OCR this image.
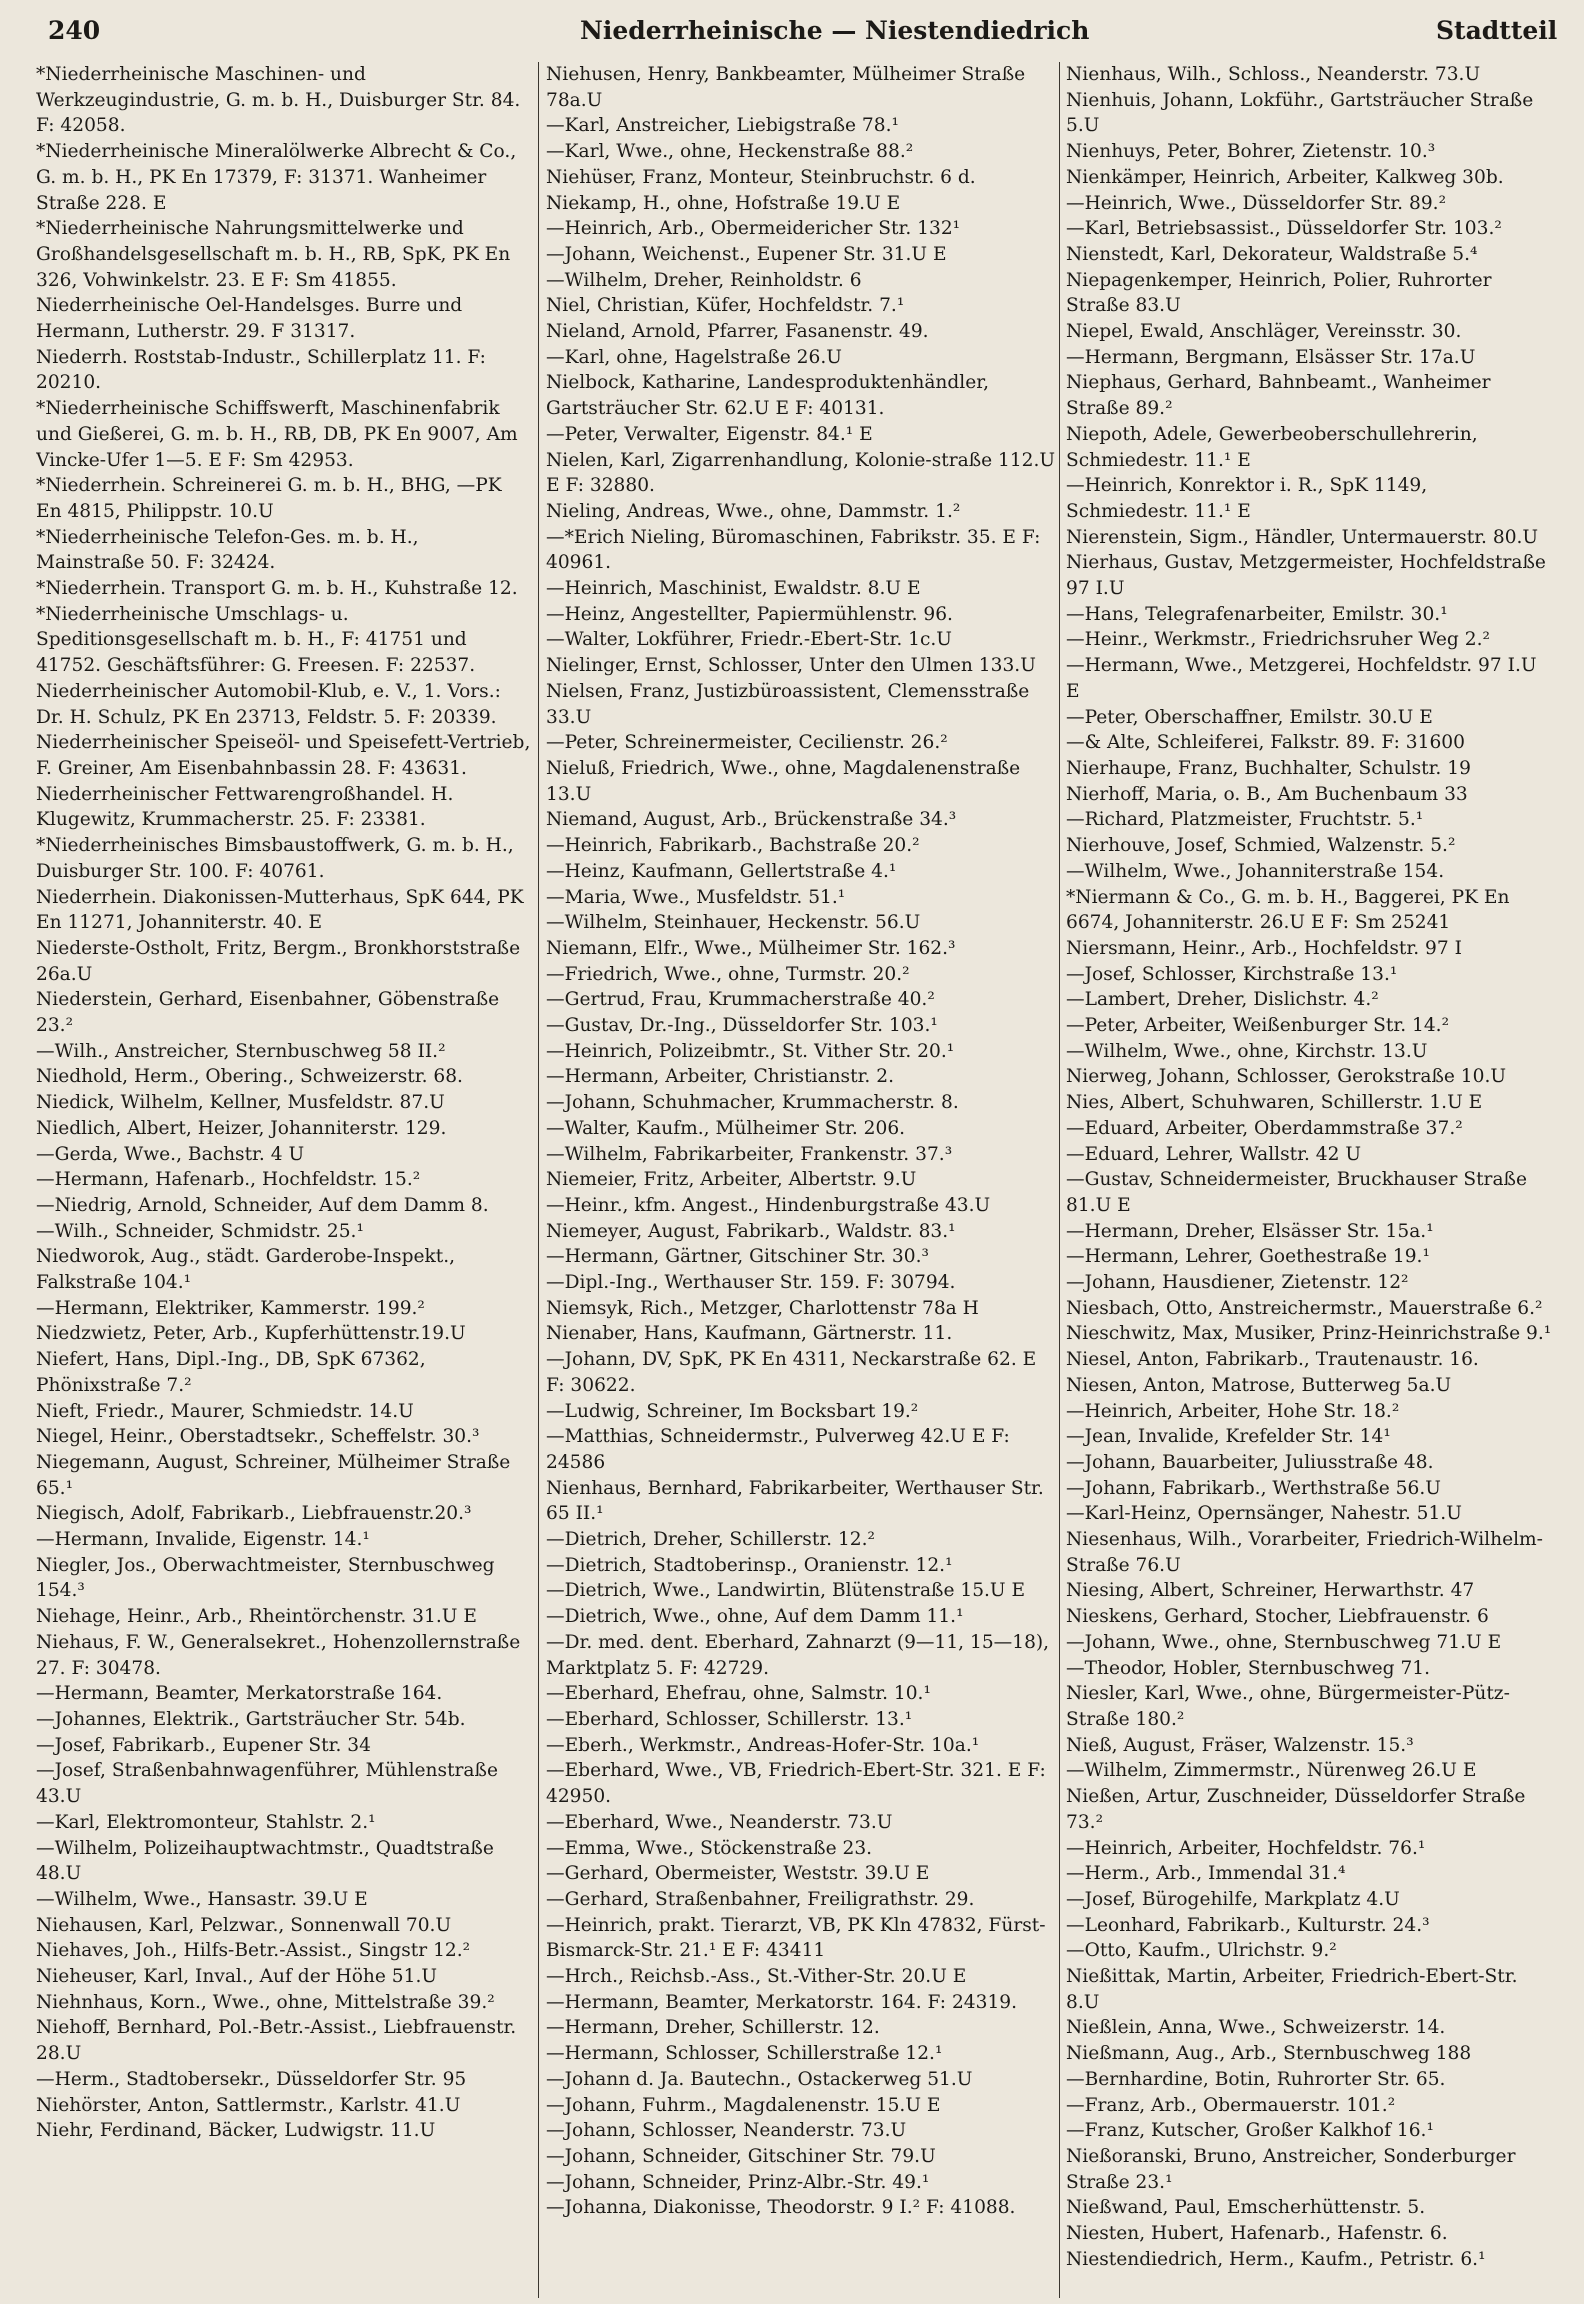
240	Niederrheinische — Niestendiedrich	Stadtteil

*Niederrheinische Maschinen- und Werkzeugindustrie, G. m. b. H., Duisburger Str. 84. F: 42058.

*Niederrheinische Mineralölwerke Albrecht & Co., G. m. b. H., PK En 17379, F: 31371. Wanheimer Straße 228. E

*Niederrheinische Nahrungsmittelwerke und Großhandelsgesellschaft m. b. H., RB, SpK, PK En 326, Vohwinkelstr. 23. E F: Sm 41855.

Niederrheinische Oel-Handelsges. Burre und Hermann, Lutherstr. 29. F 31317.

Niederrh. Roststab-Industr., Schillerplatz 11. F: 20210.

*Niederrheinische Schiffswerft, Maschinenfabrik und Gießerei, G. m. b. H., RB, DB, PK En 9007, Am Vincke-Ufer 1—5. E F: Sm 42953.

*Niederrhein. Schreinerei G. m. b. H., BHG, —PK En 4815, Philippstr. 10.U

*Niederrheinische Telefon-Ges. m. b. H., Mainstraße 50. F: 32424.

*Niederrhein. Transport G. m. b. H., Kuhstraße 12.

*Niederrheinische Umschlags- u. Speditionsgesellschaft m. b. H., F: 41751 und 41752. Geschäftsführer: G. Freesen. F: 22537.

Niederrheinischer Automobil-Klub, e. V., 1. Vors.: Dr. H. Schulz, PK En 23713, Feldstr. 5. F: 20339.

Niederrheinischer Speiseöl- und Speisefett-Vertrieb, F. Greiner, Am Eisenbahnbassin 28. F: 43631.

Niederrheinischer Fettwarengroßhandel. H. Klugewitz, Krummacherstr. 25. F: 23381.

*Niederrheinisches Bimsbaustoffwerk, G. m. b. H., Duisburger Str. 100. F: 40761.

Niederrhein. Diakonissen-Mutterhaus, SpK 644, PK En 11271, Johanniterstr. 40. E

Niederste-Ostholt, Fritz, Bergm., Bronkhorststraße 26a.U

Niederstein, Gerhard, Eisenbahner, Göbenstraße 23.²

—Wilh., Anstreicher, Sternbuschweg 58 II.²

Niedhold, Herm., Obering., Schweizerstr. 68.

Niedick, Wilhelm, Kellner, Musfeldstr. 87.U

Niedlich, Albert, Heizer, Johanniterstr. 129.

—Gerda, Wwe., Bachstr. 4 U

—Hermann, Hafenarb., Hochfeldstr. 15.²

—Niedrig, Arnold, Schneider, Auf dem Damm 8.

—Wilh., Schneider, Schmidstr. 25.¹

Niedworok, Aug., städt. Garderobe-Inspekt., Falkstraße 104.¹

—Hermann, Elektriker, Kammerstr. 199.²

Niedzwietz, Peter, Arb., Kupferhüttenstr.19.U

Niefert, Hans, Dipl.-Ing., DB, SpK 67362, Phönixstraße 7.²

Nieft, Friedr., Maurer, Schmiedstr. 14.U

Niegel, Heinr., Oberstadtsekr., Scheffelstr. 30.³

Niegemann, August, Schreiner, Mülheimer Straße 65.¹

Niegisch, Adolf, Fabrikarb., Liebfrauenstr.20.³

—Hermann, Invalide, Eigenstr. 14.¹

Niegler, Jos., Oberwachtmeister, Sternbuschweg 154.³

Niehage, Heinr., Arb., Rheintörchenstr. 31.U E

Niehaus, F. W., Generalsekret., Hohenzollernstraße 27. F: 30478.

—Hermann, Beamter, Merkatorstraße 164.

—Johannes, Elektrik., Gartsträucher Str. 54b.

—Josef, Fabrikarb., Eupener Str. 34

—Josef, Straßenbahnwagenführer, Mühlenstraße 43.U

—Karl, Elektromonteur, Stahlstr. 2.¹

—Wilhelm, Polizeihauptwachtmstr., Quadtstraße 48.U

—Wilhelm, Wwe., Hansastr. 39.U E

Niehausen, Karl, Pelzwar., Sonnenwall 70.U

Niehaves, Joh., Hilfs-Betr.-Assist., Singstr 12.²

Nieheuser, Karl, Inval., Auf der Höhe 51.U

Niehnhaus, Korn., Wwe., ohne, Mittelstraße 39.²

Niehoff, Bernhard, Pol.-Betr.-Assist., Liebfrauenstr. 28.U

—Herm., Stadtobersekr., Düsseldorfer Str. 95

Niehörster, Anton, Sattlermstr., Karlstr. 41.U

Niehr, Ferdinand, Bäcker, Ludwigstr. 11.U

Niehusen, Henry, Bankbeamter, Mülheimer Straße 78a.U

—Karl, Anstreicher, Liebigstraße 78.¹

—Karl, Wwe., ohne, Heckenstraße 88.²

Niehüser, Franz, Monteur, Steinbruchstr. 6 d.

Niekamp, H., ohne, Hofstraße 19.U E

—Heinrich, Arb., Obermeidericher Str. 132¹

—Johann, Weichenst., Eupener Str. 31.U E

—Wilhelm, Dreher, Reinholdstr. 6

Niel, Christian, Küfer, Hochfeldstr. 7.¹

Nieland, Arnold, Pfarrer, Fasanenstr. 49.

—Karl, ohne, Hagelstraße 26.U

Nielbock, Katharine, Landesproduktenhändler, Gartsträucher Str. 62.U E F: 40131.

—Peter, Verwalter, Eigenstr. 84.¹ E

Nielen, Karl, Zigarrenhandlung, Kolonie-straße 112.U E F: 32880.

Nieling, Andreas, Wwe., ohne, Dammstr. 1.²

—*Erich Nieling, Büromaschinen, Fabrikstr. 35. E F: 40961.

—Heinrich, Maschinist, Ewaldstr. 8.U E

—Heinz, Angestellter, Papiermühlenstr. 96.

—Walter, Lokführer, Friedr.-Ebert-Str. 1c.U

Nielinger, Ernst, Schlosser, Unter den Ulmen 133.U

Nielsen, Franz, Justizbüroassistent, Clemensstraße 33.U

—Peter, Schreinermeister, Cecilienstr. 26.²

Nieluß, Friedrich, Wwe., ohne, Magdalenenstraße 13.U

Niemand, August, Arb., Brückenstraße 34.³

—Heinrich, Fabrikarb., Bachstraße 20.²

—Heinz, Kaufmann, Gellertstraße 4.¹

—Maria, Wwe., Musfeldstr. 51.¹

—Wilhelm, Steinhauer, Heckenstr. 56.U

Niemann, Elfr., Wwe., Mülheimer Str. 162.³

—Friedrich, Wwe., ohne, Turmstr. 20.²

—Gertrud, Frau, Krummacherstraße 40.²

—Gustav, Dr.-Ing., Düsseldorfer Str. 103.¹

—Heinrich, Polizeibmtr., St. Vither Str. 20.¹

—Hermann, Arbeiter, Christianstr. 2.

—Johann, Schuhmacher, Krummacherstr. 8.

—Walter, Kaufm., Mülheimer Str. 206.

—Wilhelm, Fabrikarbeiter, Frankenstr. 37.³

Niemeier, Fritz, Arbeiter, Albertstr. 9.U

—Heinr., kfm. Angest., Hindenburgstraße 43.U

Niemeyer, August, Fabrikarb., Waldstr. 83.¹

—Hermann, Gärtner, Gitschiner Str. 30.³

—Dipl.-Ing., Werthauser Str. 159. F: 30794.

Niemsyk, Rich., Metzger, Charlottenstr 78a H

Nienaber, Hans, Kaufmann, Gärtnerstr. 11.

—Johann, DV, SpK, PK En 4311, Neckarstraße 62. E F: 30622.

—Ludwig, Schreiner, Im Bocksbart 19.²

—Matthias, Schneidermstr., Pulverweg 42.U E F: 24586

Nienhaus, Bernhard, Fabrikarbeiter, Werthauser Str. 65 II.¹

—Dietrich, Dreher, Schillerstr. 12.²

—Dietrich, Stadtoberinsp., Oranienstr. 12.¹

—Dietrich, Wwe., Landwirtin, Blütenstraße 15.U E

—Dietrich, Wwe., ohne, Auf dem Damm 11.¹

—Dr. med. dent. Eberhard, Zahnarzt (9—11, 15—18), Marktplatz 5. F: 42729.

—Eberhard, Ehefrau, ohne, Salmstr. 10.¹

—Eberhard, Schlosser, Schillerstr. 13.¹

—Eberh., Werkmstr., Andreas-Hofer-Str. 10a.¹

—Eberhard, Wwe., VB, Friedrich-Ebert-Str. 321. E F: 42950.

—Eberhard, Wwe., Neanderstr. 73.U

—Emma, Wwe., Stöckenstraße 23.

—Gerhard, Obermeister, Weststr. 39.U E

—Gerhard, Straßenbahner, Freiligrathstr. 29.

—Heinrich, prakt. Tierarzt, VB, PK Kln 47832, Fürst-Bismarck-Str. 21.¹ E F: 43411

—Hrch., Reichsb.-Ass., St.-Vither-Str. 20.U E

—Hermann, Beamter, Merkatorstr. 164. F: 24319.

—Hermann, Dreher, Schillerstr. 12.

—Hermann, Schlosser, Schillerstraße 12.¹

—Johann d. Ja. Bautechn., Ostackerweg 51.U

—Johann, Fuhrm., Magdalenenstr. 15.U E

—Johann, Schlosser, Neanderstr. 73.U

—Johann, Schneider, Gitschiner Str. 79.U

—Johann, Schneider, Prinz-Albr.-Str. 49.¹

—Johanna, Diakonisse, Theodorstr. 9 I.² F: 41088.

Nienhaus, Wilh., Schloss., Neanderstr. 73.U

Nienhuis, Johann, Lokführ., Gartsträucher Straße 5.U

Nienhuys, Peter, Bohrer, Zietenstr. 10.³

Nienkämper, Heinrich, Arbeiter, Kalkweg 30b.

—Heinrich, Wwe., Düsseldorfer Str. 89.²

—Karl, Betriebsassist., Düsseldorfer Str. 103.²

Nienstedt, Karl, Dekorateur, Waldstraße 5.⁴

Niepagenkemper, Heinrich, Polier, Ruhrorter Straße 83.U

Niepel, Ewald, Anschläger, Vereinsstr. 30.

—Hermann, Bergmann, Elsässer Str. 17a.U

Niephaus, Gerhard, Bahnbeamt., Wanheimer Straße 89.²

Niepoth, Adele, Gewerbeoberschullehrerin, Schmiedestr. 11.¹ E

—Heinrich, Konrektor i. R., SpK 1149, Schmiedestr. 11.¹ E

Nierenstein, Sigm., Händler, Untermauerstr. 80.U

Nierhaus, Gustav, Metzgermeister, Hochfeldstraße 97 I.U

—Hans, Telegrafenarbeiter, Emilstr. 30.¹

—Heinr., Werkmstr., Friedrichsruher Weg 2.²

—Hermann, Wwe., Metzgerei, Hochfeldstr. 97 I.U E

—Peter, Oberschaffner, Emilstr. 30.U E

—& Alte, Schleiferei, Falkstr. 89. F: 31600

Nierhaupe, Franz, Buchhalter, Schulstr. 19

Nierhoff, Maria, o. B., Am Buchenbaum 33

—Richard, Platzmeister, Fruchtstr. 5.¹

Nierhouve, Josef, Schmied, Walzenstr. 5.²

—Wilhelm, Wwe., Johanniterstraße 154.

*Niermann & Co., G. m. b. H., Baggerei, PK En 6674, Johanniterstr. 26.U E F: Sm 25241

Niersmann, Heinr., Arb., Hochfeldstr. 97 I

—Josef, Schlosser, Kirchstraße 13.¹

—Lambert, Dreher, Dislichstr. 4.²

—Peter, Arbeiter, Weißenburger Str. 14.²

—Wilhelm, Wwe., ohne, Kirchstr. 13.U

Nierweg, Johann, Schlosser, Gerokstraße 10.U

Nies, Albert, Schuhwaren, Schillerstr. 1.U E

—Eduard, Arbeiter, Oberdammstraße 37.²

—Eduard, Lehrer, Wallstr. 42 U

—Gustav, Schneidermeister, Bruckhauser Straße 81.U E

—Hermann, Dreher, Elsässer Str. 15a.¹

—Hermann, Lehrer, Goethestraße 19.¹

—Johann, Hausdiener, Zietenstr. 12²

Niesbach, Otto, Anstreichermstr., Mauerstraße 6.²

Nieschwitz, Max, Musiker, Prinz-Heinrichstraße 9.¹

Niesel, Anton, Fabrikarb., Trautenaustr. 16.

Niesen, Anton, Matrose, Butterweg 5a.U

—Heinrich, Arbeiter, Hohe Str. 18.²

—Jean, Invalide, Krefelder Str. 14¹

—Johann, Bauarbeiter, Juliusstraße 48.

—Johann, Fabrikarb., Werthstraße 56.U

—Karl-Heinz, Opernsänger, Nahestr. 51.U

Niesenhaus, Wilh., Vorarbeiter, Friedrich-Wilhelm-Straße 76.U

Niesing, Albert, Schreiner, Herwarthstr. 47

Nieskens, Gerhard, Stocher, Liebfrauenstr. 6

—Johann, Wwe., ohne, Sternbuschweg 71.U E

—Theodor, Hobler, Sternbuschweg 71.

Niesler, Karl, Wwe., ohne, Bürgermeister-Pütz-Straße 180.²

Nieß, August, Fräser, Walzenstr. 15.³

—Wilhelm, Zimmermstr., Nürenweg 26.U E

Nießen, Artur, Zuschneider, Düsseldorfer Straße 73.²

—Heinrich, Arbeiter, Hochfeldstr. 76.¹

—Herm., Arb., Immendal 31.⁴

—Josef, Bürogehilfe, Markplatz 4.U

—Leonhard, Fabrikarb., Kulturstr. 24.³

—Otto, Kaufm., Ulrichstr. 9.²

Nießittak, Martin, Arbeiter, Friedrich-Ebert-Str. 8.U

Nießlein, Anna, Wwe., Schweizerstr. 14.

Nießmann, Aug., Arb., Sternbuschweg 188

—Bernhardine, Botin, Ruhrorter Str. 65.

—Franz, Arb., Obermauerstr. 101.²

—Franz, Kutscher, Großer Kalkhof 16.¹

Nießoranski, Bruno, Anstreicher, Sonderburger Straße 23.¹

Nießwand, Paul, Emscherhüttenstr. 5.

Niesten, Hubert, Hafenarb., Hafenstr. 6.

Niestendiedrich, Herm., Kaufm., Petristr. 6.¹
